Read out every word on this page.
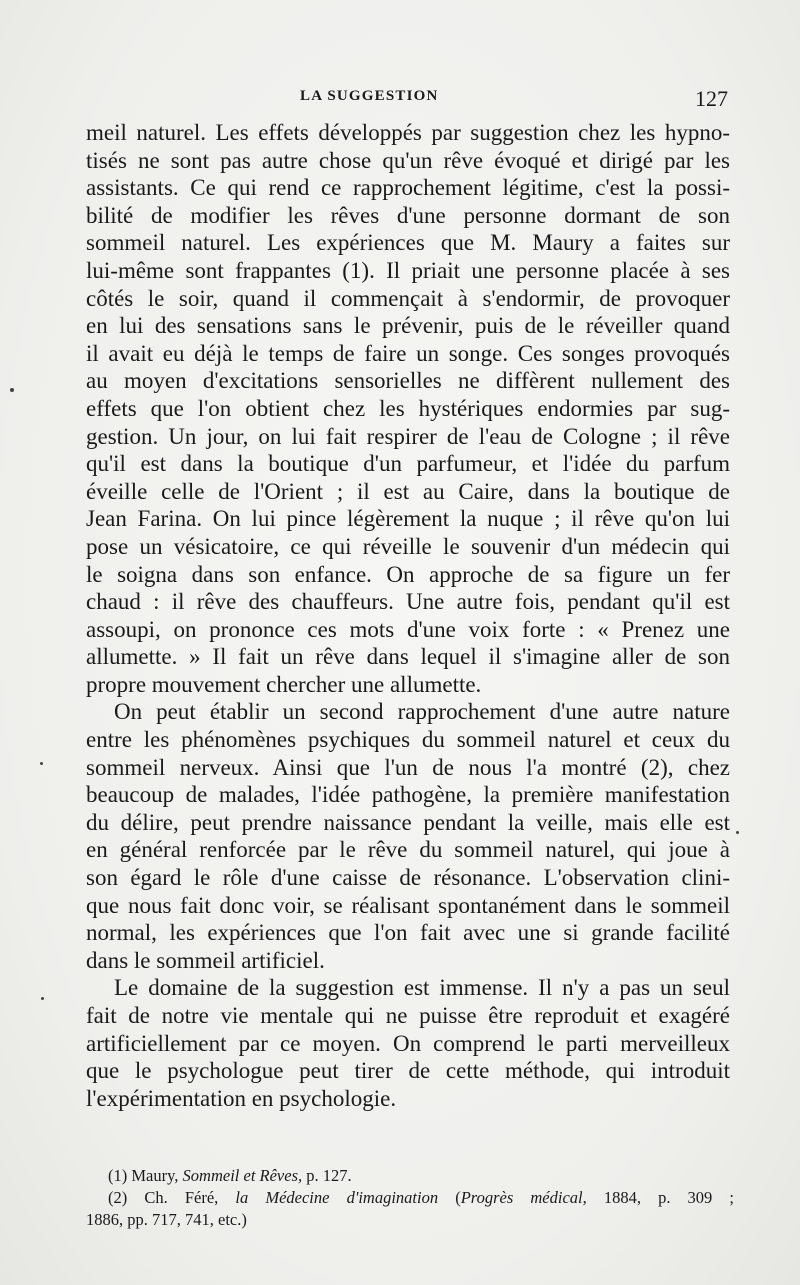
LA SUGGESTION	127
meil naturel. Les effets développés par suggestion chez les hypno-
tisés ne sont pas autre chose qu'un rêve évoqué et dirigé par les
assistants. Ce qui rend ce rapprochement légitime, c'est la possi-
bilité de modifier les rêves d'une personne dormant de son
sommeil naturel. Les expériences que M. Maury a faites sur
lui-même sont frappantes (1). Il priait une personne placée à ses
côtés le soir, quand il commençait à s'endormir, de provoquer
en lui des sensations sans le prévenir, puis de le réveiller quand
il avait eu déjà le temps de faire un songe. Ces songes provoqués
au moyen d'excitations sensorielles ne diffèrent nullement des
effets que l'on obtient chez les hystériques endormies par sug-
gestion. Un jour, on lui fait respirer de l'eau de Cologne ; il rêve
qu'il est dans la boutique d'un parfumeur, et l'idée du parfum
éveille celle de l'Orient ; il est au Caire, dans la boutique de
Jean Farina. On lui pince légèrement la nuque ; il rêve qu'on lui
pose un vésicatoire, ce qui réveille le souvenir d'un médecin qui
le soigna dans son enfance. On approche de sa figure un fer
chaud : il rêve des chauffeurs. Une autre fois, pendant qu'il est
assoupi, on prononce ces mots d'une voix forte : « Prenez une
allumette. » Il fait un rêve dans lequel il s'imagine aller de son
propre mouvement chercher une allumette.
On peut établir un second rapprochement d'une autre nature
entre les phénomènes psychiques du sommeil naturel et ceux du
sommeil nerveux. Ainsi que l'un de nous l'a montré (2), chez
beaucoup de malades, l'idée pathogène, la première manifestation
du délire, peut prendre naissance pendant la veille, mais elle est
en général renforcée par le rêve du sommeil naturel, qui joue à
son égard le rôle d'une caisse de résonance. L'observation clini-
que nous fait donc voir, se réalisant spontanément dans le sommeil
normal, les expériences que l'on fait avec une si grande facilité
dans le sommeil artificiel.
Le domaine de la suggestion est immense. Il n'y a pas un seul
fait de notre vie mentale qui ne puisse être reproduit et exagéré
artificiellement par ce moyen. On comprend le parti merveilleux
que le psychologue peut tirer de cette méthode, qui introduit
l'expérimentation en psychologie.
(1) Maury, Sommeil et Rêves, p. 127.
(2) Ch. Féré, la Médecine d'imagination (Progrès médical, 1884, p. 309 ;
1886, pp. 717, 741, etc.)
